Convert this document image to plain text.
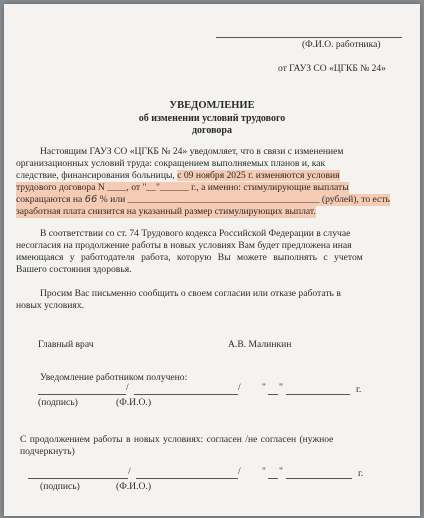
(Ф.И.О. работника)
от ГАУЗ СО «ЦГКБ № 24»
УВЕДОМЛЕНИЕ
об изменении условий трудового
договора
Настоящим ГАУЗ СО «ЦГКБ № 24» уведомляет, что в связи с изменением
организационных условий труда: сокращением выполняемых планов и, как
следствие, финансирования больницы, с 09 ноября 2025 г. изменяются условия
трудового договора N ____, от "__"______ г., а именно: стимулирующие выплаты
сокращаются на 66 % или ________________________________________ (рублей), то есть
заработная плата снизится на указанный размер стимулирующих выплат.
В соответствии со ст. 74 Трудового кодекса Российской Федерации в случае
несогласия на продолжение работы в новых условиях Вам будет предложена иная
имеющаяся у работодателя работа, которую Вы можете выполнять с учетом
Вашего состояния здоровья.
Просим Вас письменно сообщить о своем согласии или отказе работать в
новых условиях.
Главный врач	А.В. Малинкин
Уведомление работником получено:
/	/ " "	г.
(подпись)	(Ф.И.О.)
С продолжением работы в новых условиях: согласен /не согласен (нужное
подчеркнуть)
/	/ " "	г.
(подпись)	(Ф.И.О.)
